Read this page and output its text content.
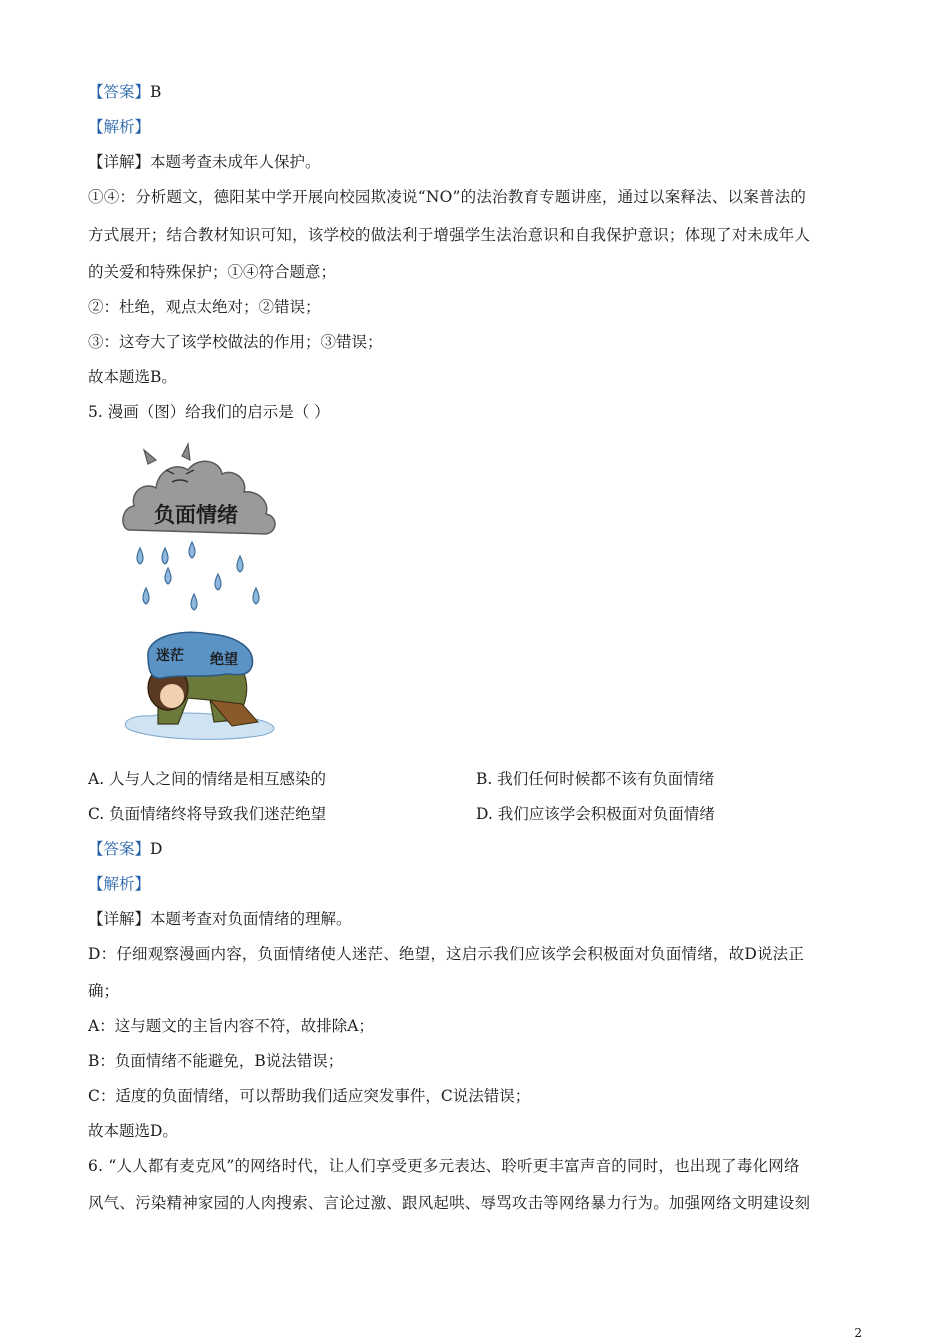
【答案】B
【解析】
【详解】本题考查未成年人保护。
①④：分析题文，德阳某中学开展向校园欺凌说“NO”的法治教育专题讲座，通过以案释法、以案普法的
方式展开；结合教材知识可知，该学校的做法利于增强学生法治意识和自我保护意识；体现了对未成年人
的关爱和特殊保护；①④符合题意；
②：杜绝，观点太绝对；②错误；
③：这夸大了该学校做法的作用；③错误；
故本题选B。
5. 漫画（图）给我们的启示是（ ）
负面情绪
迷茫 绝望
A. 人与人之间的情绪是相互感染的	B. 我们任何时候都不该有负面情绪
C. 负面情绪终将导致我们迷茫绝望	D. 我们应该学会积极面对负面情绪
【答案】D
【解析】
【详解】本题考查对负面情绪的理解。
D：仔细观察漫画内容，负面情绪使人迷茫、绝望，这启示我们应该学会积极面对负面情绪，故D说法正
确；
A：这与题文的主旨内容不符，故排除A；
B：负面情绪不能避免，B说法错误；
C：适度的负面情绪，可以帮助我们适应突发事件，C说法错误；
故本题选D。
6. “人人都有麦克风”的网络时代，让人们享受更多元表达、聆听更丰富声音的同时，也出现了毒化网络
风气、污染精神家园的人肉搜索、言论过激、跟风起哄、辱骂攻击等网络暴力行为。加强网络文明建设刻
2
